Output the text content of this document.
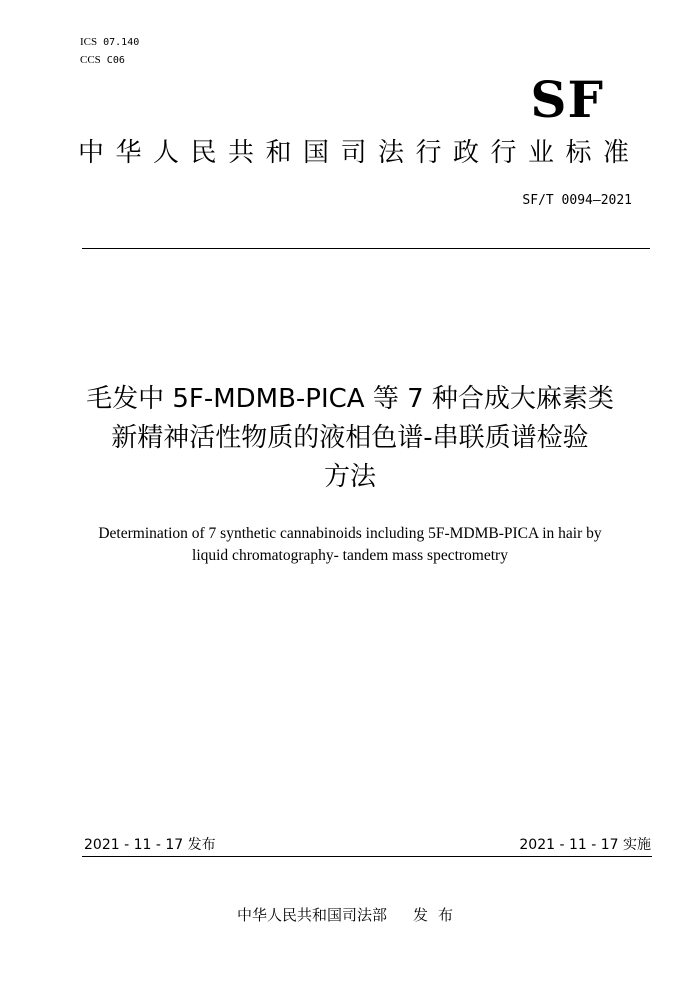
ICS 07.140
CCS C06
SF
中华人民共和国司法行政行业标准
SF/T 0094—2021
毛发中 5F-MDMB-PICA 等 7 种合成大麻素类
新精神活性物质的液相色谱-串联质谱检验
方法
Determination of 7 synthetic cannabinoids including 5F-MDMB-PICA in hair by
liquid chromatography- tandem mass spectrometry
2021 - 11 - 17 发布	2021 - 11 - 17 实施
中华人民共和国司法部 发布
